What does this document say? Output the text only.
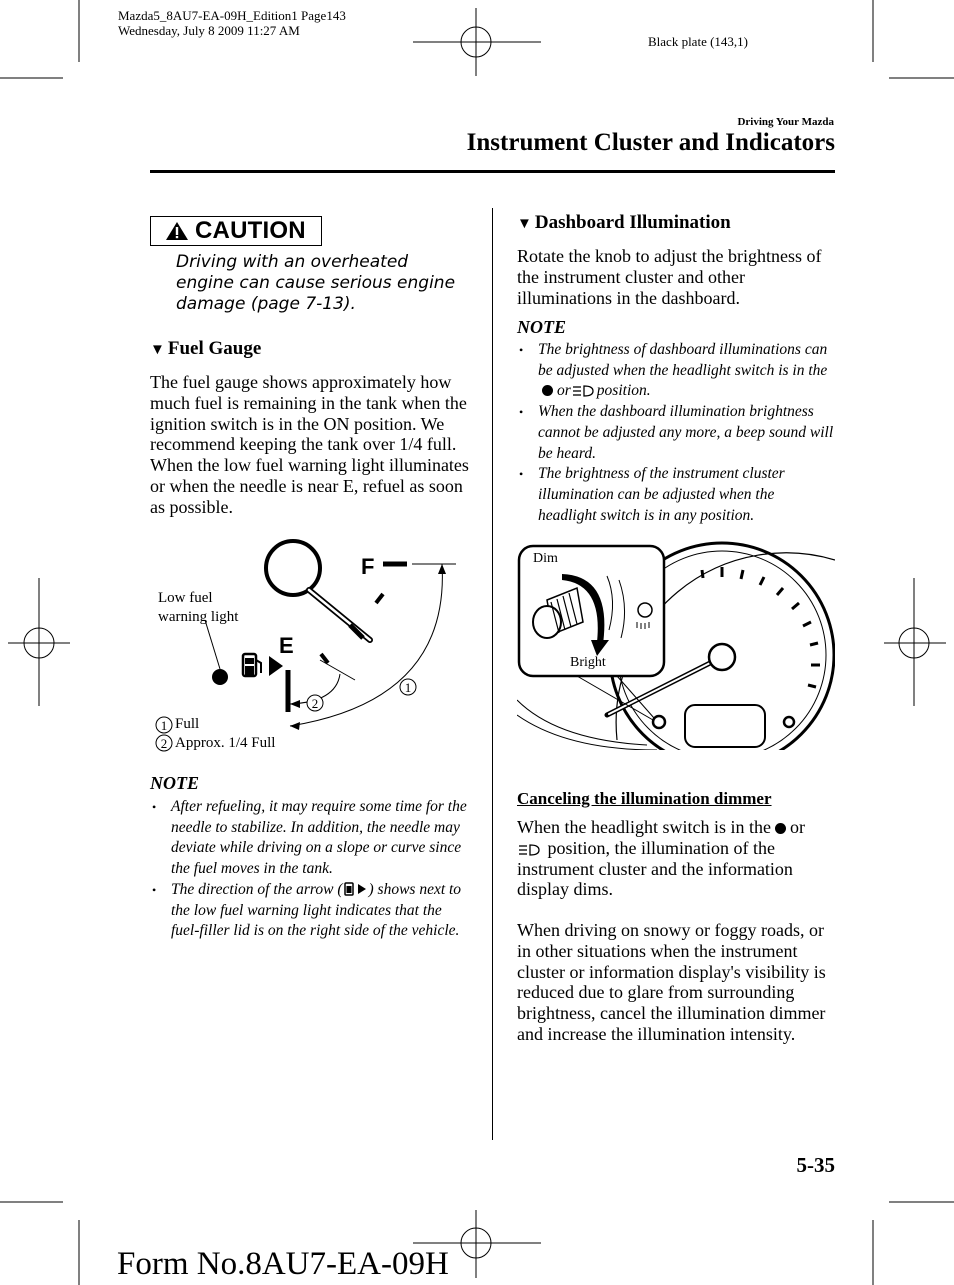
Mazda5_8AU7-EA-09H_Edition1 Page143
Wednesday, July 8 2009 11:27 AM
Black plate (143,1)
Driving Your Mazda
Instrument Cluster and Indicators
CAUTION
Driving with an overheated engine can cause serious engine damage (page 7-13).
▼ Fuel Gauge
The fuel gauge shows approximately how much fuel is remaining in the tank when the ignition switch is in the ON position. We recommend keeping the tank over 1/4 full. When the low fuel warning light illuminates or when the needle is near E, refuel as soon as possible.
F
E
2
1
1
2
Low fuel warning light
Full
Approx. 1/4 Full
NOTE
• After refueling, it may require some time for the needle to stabilize. In addition, the needle may deviate while driving on a slope or curve since the fuel moves in the tank.
• The direction of the arrow ( ) shows next to the low fuel warning light indicates that the fuel-filler lid is on the right side of the vehicle.
▼ Dashboard Illumination
Rotate the knob to adjust the brightness of the instrument cluster and other illuminations in the dashboard.
NOTE
• The brightness of dashboard illuminations can be adjusted when the headlight switch is in theor position.
• When the dashboard illumination brightness cannot be adjusted any more, a beep sound will be heard.
• The brightness of the instrument cluster illumination can be adjusted when the headlight switch is in any position.
Dim
Bright
Canceling the illumination dimmer
When the headlight switch is in the or
position, the illumination of the instrument cluster and the information display dims.
When driving on snowy or foggy roads, or in other situations when the instrument cluster or information display's visibility is reduced due to glare from surrounding brightness, cancel the illumination dimmer and increase the illumination intensity.
5-35
Form No.8AU7-EA-09H
